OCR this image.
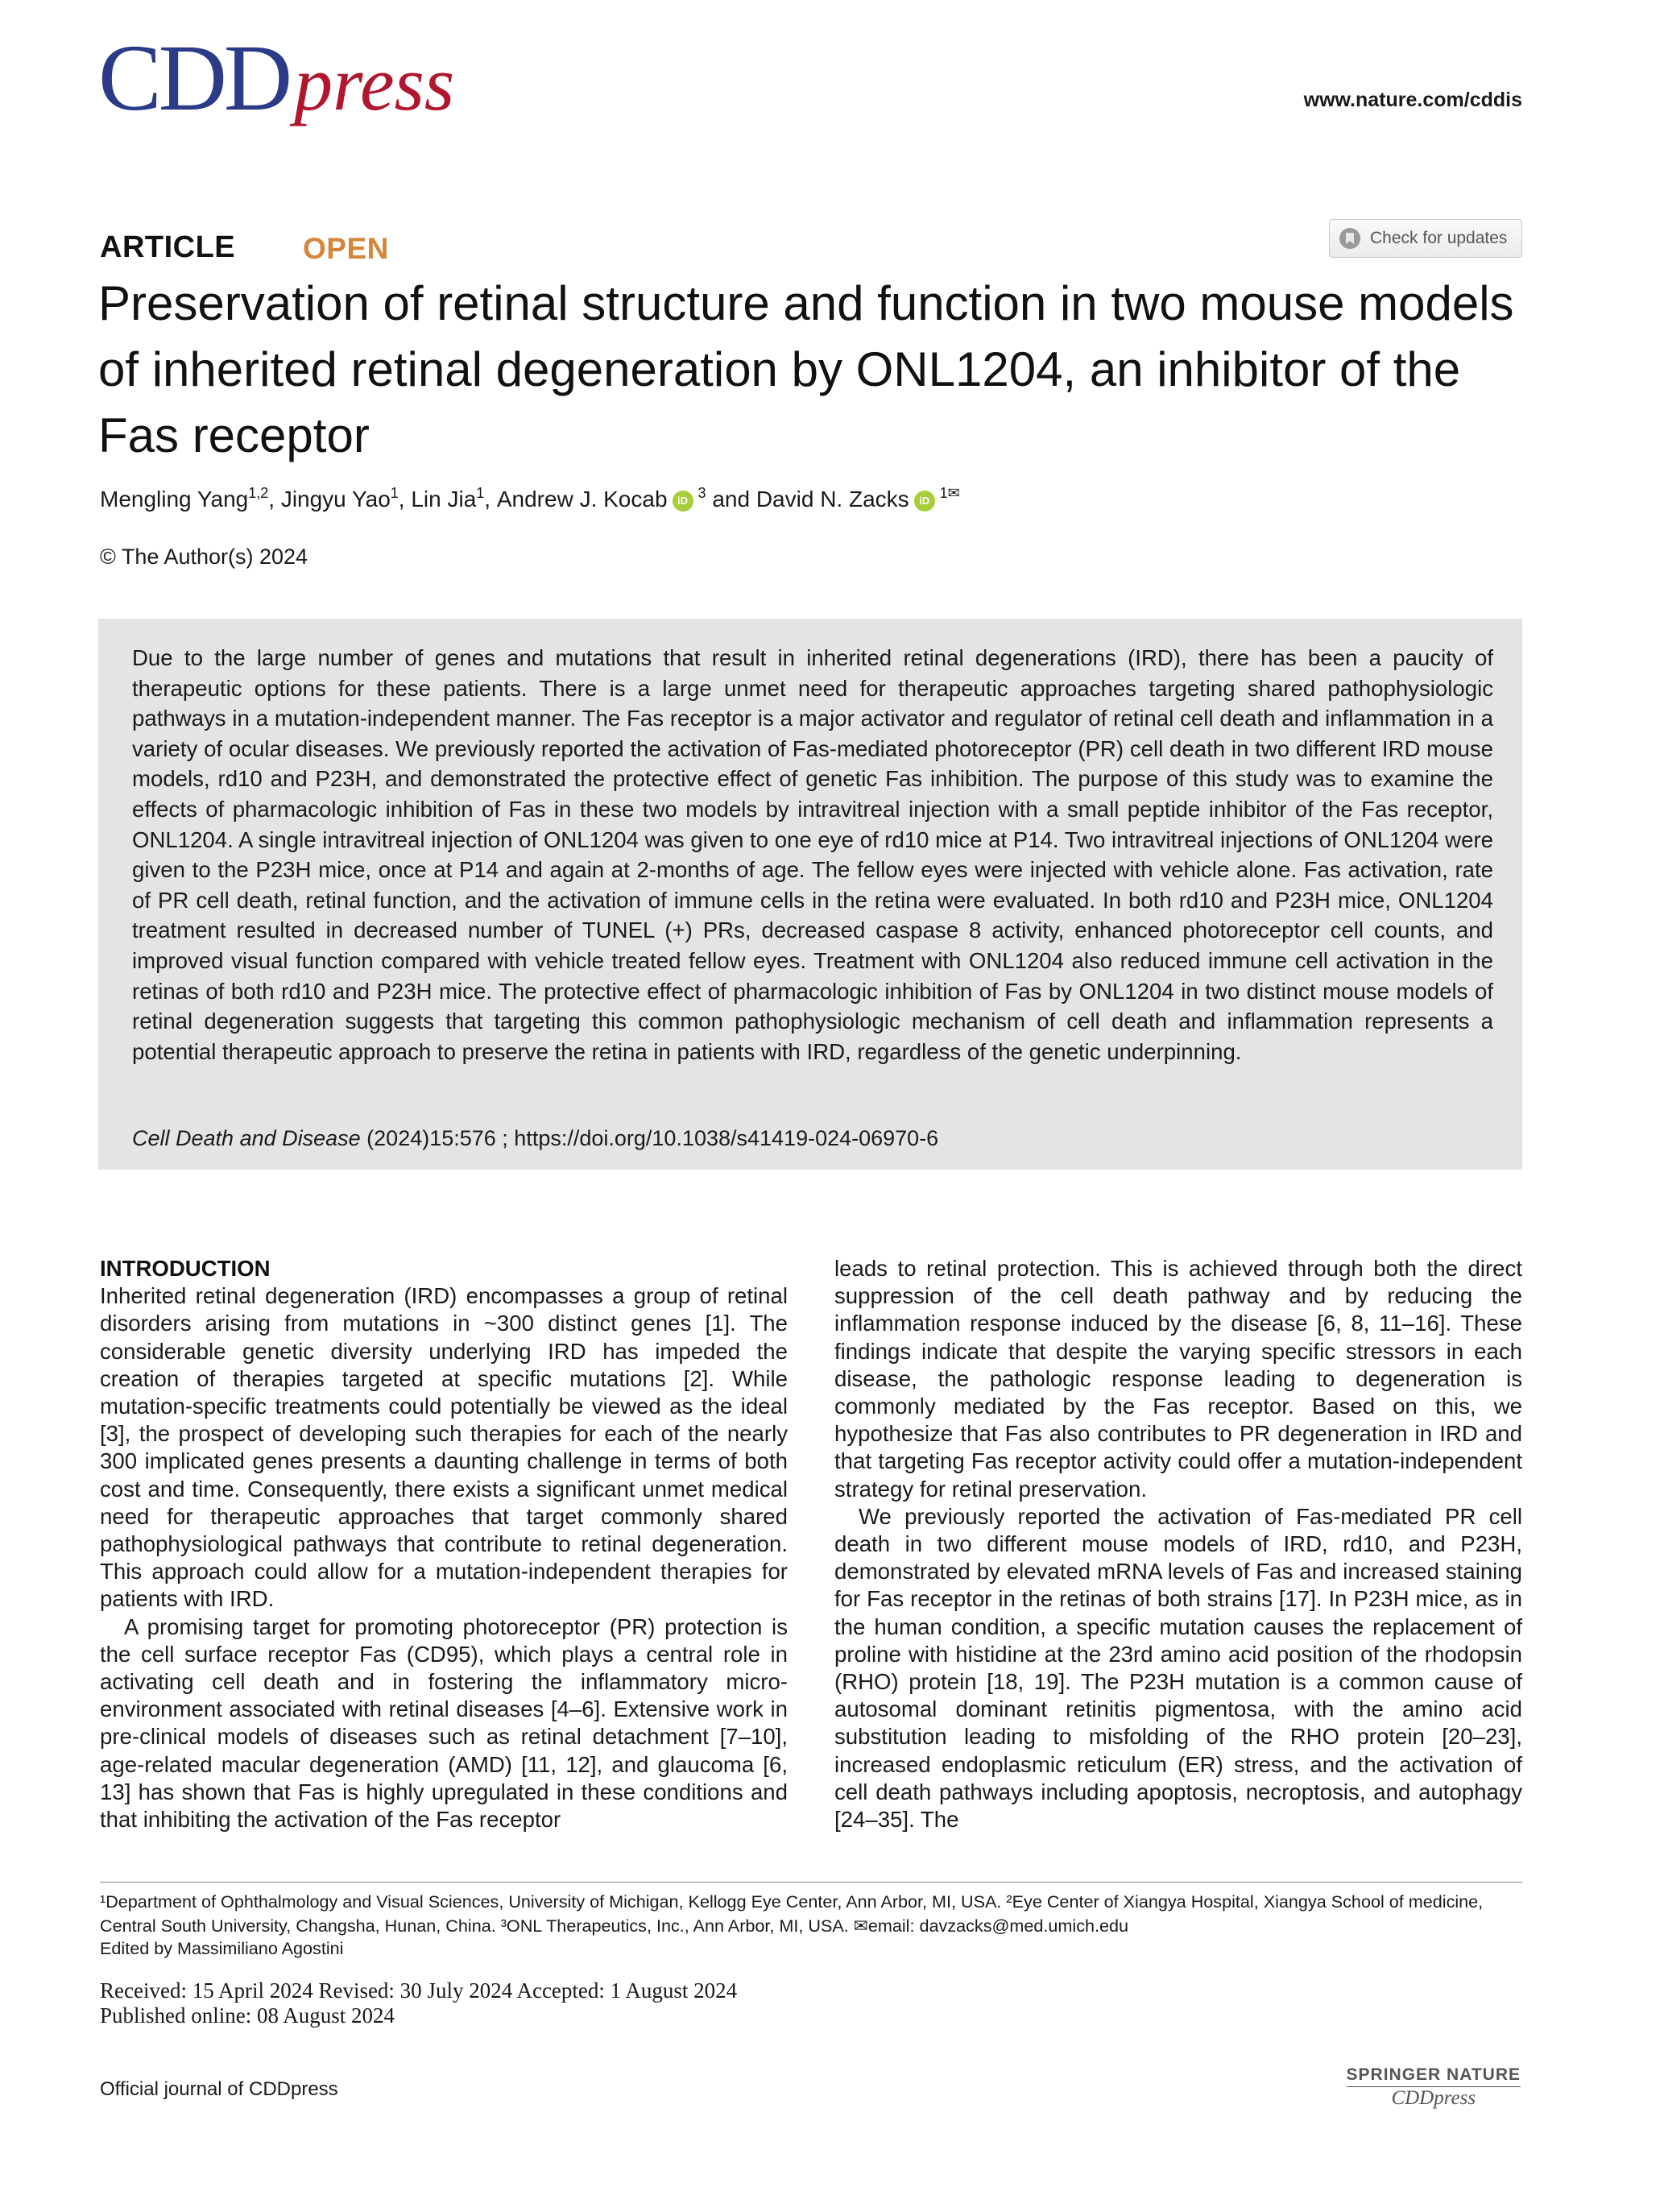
CDD press	www.nature.com/cddis
ARTICLE OPEN	Check for updates
Preservation of retinal structure and function in two mouse models of inherited retinal degeneration by ONL1204, an inhibitor of the Fas receptor
Mengling Yang$^{1,2}$ , Jingyu Yao$^1$ , Lin Jia$^1$ , Andrew J. Kocab iD $^3$ and David N. Zacks iD $^{1✉}$
© The Author(s) 2024

Due to the large number of genes and mutations that result in inherited retinal degenerations (IRD), there has been a paucity of therapeutic options for these patients. There is a large unmet need for therapeutic approaches targeting shared pathophysiologic pathways in a mutation-independent manner. The Fas receptor is a major activator and regulator of retinal cell death and inflammation in a variety of ocular diseases. We previously reported the activation of Fas-mediated photoreceptor (PR) cell death in two different IRD mouse models, rd10 and P23H, and demonstrated the protective effect of genetic Fas inhibition. The purpose of this study was to examine the effects of pharmacologic inhibition of Fas in these two models by intravitreal injection with a small peptide inhibitor of the Fas receptor, ONL1204. A single intravitreal injection of ONL1204 was given to one eye of rd10 mice at P14. Two intravitreal injections of ONL1204 were given to the P23H mice, once at P14 and again at 2-months of age. The fellow eyes were injected with vehicle alone. Fas activation, rate of PR cell death, retinal function, and the activation of immune cells in the retina were evaluated. In both rd10 and P23H mice, ONL1204 treatment resulted in decreased number of TUNEL (+) PRs, decreased caspase 8 activity, enhanced photoreceptor cell counts, and improved visual function compared with vehicle treated fellow eyes. Treatment with ONL1204 also reduced immune cell activation in the retinas of both rd10 and P23H mice. The protective effect of pharmacologic inhibition of Fas by ONL1204 in two distinct mouse models of retinal degeneration suggests that targeting this common pathophysiologic mechanism of cell death and inflammation represents a potential therapeutic approach to preserve the retina in patients with IRD, regardless of the genetic underpinning.

Cell Death and Disease (2024)15:576 ; https://doi.org/10.1038/s41419-024-06970-6
INTRODUCTION

Inherited retinal degeneration (IRD) encompasses a group of retinal disorders arising from mutations in ~300 distinct genes [1]. The considerable genetic diversity underlying IRD has impeded the creation of therapies targeted at specific mutations [2]. While mutation-specific treatments could potentially be viewed as the ideal [3], the prospect of developing such therapies for each of the nearly 300 implicated genes presents a daunting challenge in terms of both cost and time. Consequently, there exists a significant unmet medical need for therapeutic approaches that target commonly shared pathophysiological pathways that contribute to retinal degeneration. This approach could allow for a mutation-independent therapies for patients with IRD.

A promising target for promoting photoreceptor (PR) protection is the cell surface receptor Fas (CD95), which plays a central role in activating cell death and in fostering the inflammatory micro-environment associated with retinal diseases [4–6]. Extensive work in pre-clinical models of diseases such as retinal detachment [7–10], age-related macular degeneration (AMD) [11, 12], and glaucoma [6, 13] has shown that Fas is highly upregulated in these conditions and that inhibiting the activation of the Fas receptor

leads to retinal protection. This is achieved through both the direct suppression of the cell death pathway and by reducing the inflammation response induced by the disease [6, 8, 11–16]. These findings indicate that despite the varying specific stressors in each disease, the pathologic response leading to degeneration is commonly mediated by the Fas receptor. Based on this, we hypothesize that Fas also contributes to PR degeneration in IRD and that targeting Fas receptor activity could offer a mutation-independent strategy for retinal preservation.

We previously reported the activation of Fas-mediated PR cell death in two different mouse models of IRD, rd10, and P23H, demonstrated by elevated mRNA levels of Fas and increased staining for Fas receptor in the retinas of both strains [17]. In P23H mice, as in the human condition, a specific mutation causes the replacement of proline with histidine at the 23rd amino acid position of the rhodopsin (RHO) protein [18, 19]. The P23H mutation is a common cause of autosomal dominant retinitis pigmentosa, with the amino acid substitution leading to misfolding of the RHO protein [20–23], increased endoplasmic reticulum (ER) stress, and the activation of cell death pathways including apoptosis, necroptosis, and autophagy [24–35]. The

¹Department of Ophthalmology and Visual Sciences, University of Michigan, Kellogg Eye Center, Ann Arbor, MI, USA. ²Eye Center of Xiangya Hospital, Xiangya School of medicine, Central South University, Changsha, Hunan, China. ³ONL Therapeutics, Inc., Ann Arbor, MI, USA. ✉email: davzacks@med.umich.edu

Edited by Massimiliano Agostini
Received: 15 April 2024 Revised: 30 July 2024 Accepted: 1 August 2024
Published online: 08 August 2024
Official journal of CDDpress
SPRINGER NATURE
CDDpress
